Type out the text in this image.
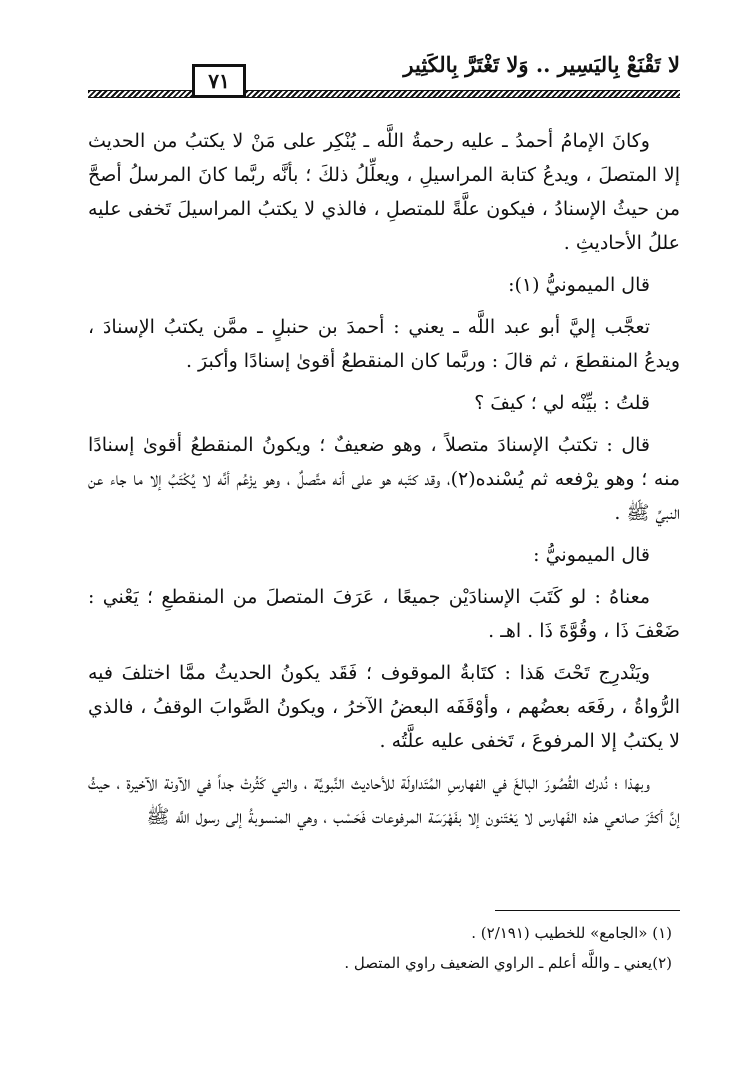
لا تَقْنَعْ بِاليَسِير .. وَلا تَغْتَرَّ بِالكَثِير
٧١

وكانَ الإمامُ أحمدُ ـ عليه رحمةُ اللَّه ـ يُنْكِر على مَنْ لا يكتبُ من الحديث إلا المتصلَ ، ويدعُ كتابة المراسيلِ ، ويعلِّلُ ذلكَ ؛ بأنَّه ربَّما كانَ المرسلُ أصحَّ من حيثُ الإسنادُ ، فيكون علَّةً للمتصلِ ، فالذي لا يكتبُ المراسيلَ تَخفى عليه عللُ الأحاديثِ .

قال الميمونيُّ (١):

تعجَّب إليَّ أبو عبد اللَّه ـ يعني : أحمدَ بن حنبلٍ ـ ممَّن يكتبُ الإسنادَ ، ويدعُ المنقطعَ ، ثم قالَ : وربَّما كان المنقطعُ أقوىٰ إسنادًا وأكبرَ .

قلتُ : بيِّنْه لي ؛ كيفَ ؟

قال : تكتبُ الإسنادَ متصلاً ، وهو ضعيفٌ ؛ ويكونُ المنقطعُ أقوىٰ إسنادًا منه ؛ وهو يرْفعه ثم يُسْنده(٢)، وقد كتَبه هو على أنه متَّصلٌ ، وهو يزْعُم أنَّه لا يُكْتَبُ إلا ما جاء عن النبيِّ ﷺ .

قال الميمونيُّ :

معناهُ : لو كَتَبَ الإسنادَيْن جميعًا ، عَرَفَ المتصلَ من المنقطعِ ؛ يَعْني : ضَعْفَ ذَا ، وقُوَّةَ ذَا . اهـ .

ويَنْدرِج تَحْتَ هَذا : كتَابةُ الموقوف ؛ فَقَد يكونُ الحديثُ ممَّا اختلفَ فيه الرُّواةُ ، رفَعَه بعضُهم ، وأوْقَفَه البعضُ الآخرُ ، ويكونُ الصَّوابَ الوقفُ ، فالذي لا يكتبُ إلا المرفوعَ ، تَخفى عليه علَّتُه .

وبهذا ؛ نُدرك القُصُورَ البالغَ في الفهارسِ المُتَداولَة للأحاديث النَّبويَّة ، والتي كَثُرتْ جداً في الآونة الآخيرة ، حيثُ إنَّ أكثَرَ صانعي هذه الفَهارس لا يَعْتَنون إلا بفَهْرَسَة المرفوعات فَحَسْب ، وهي المنسوبةُ إلى رسول اللَّه ﷺ

(١) «الجامع» للخطيب (٢/١٩١) .
(٢)يعني ـ واللَّه أعلم ـ الراوي الضعيف راوي المتصل .
